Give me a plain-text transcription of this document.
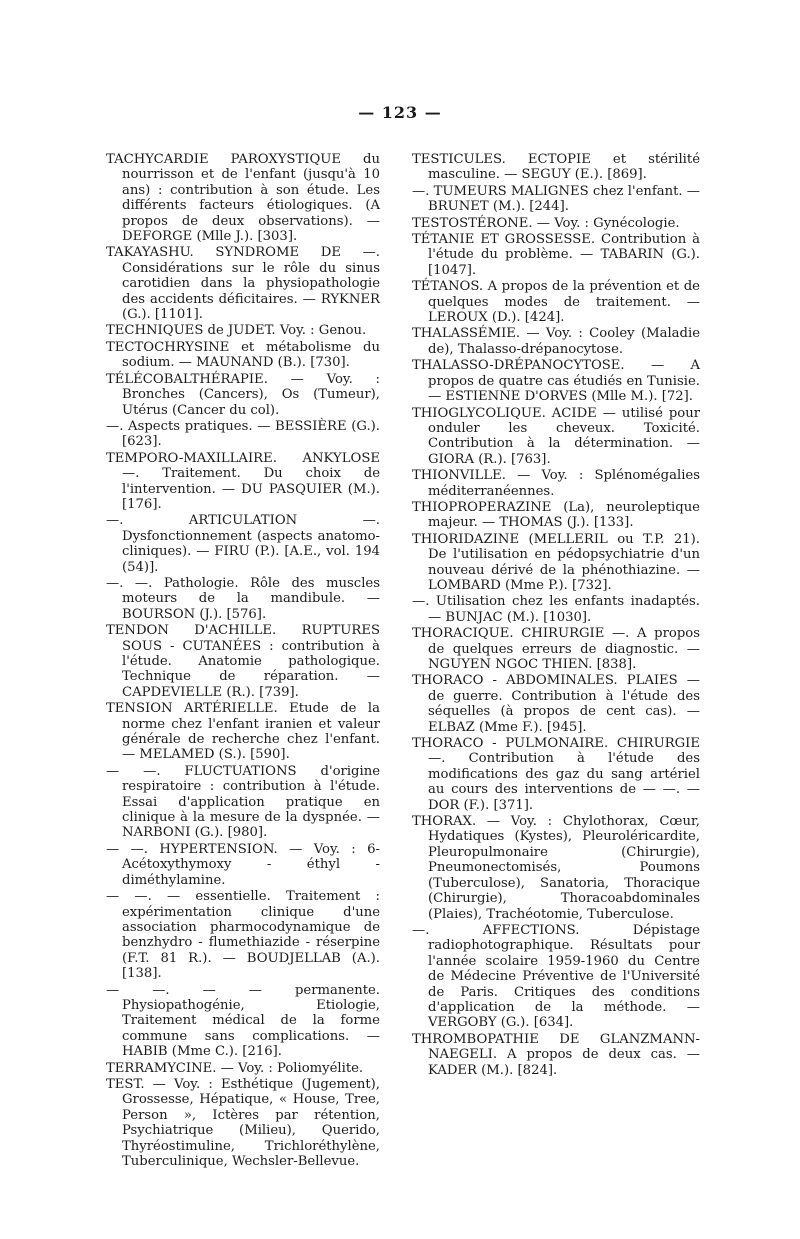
— 123 —

TACHYCARDIE PAROXYSTIQUE du nourrisson et de l'enfant (jusqu'à 10 ans) : contribution à son étude. Les différents facteurs étiologiques. (A propos de deux observations). — DEFORGE (Mlle J.). [303].

TAKAYASHU. SYNDROME DE —. Considérations sur le rôle du sinus carotidien dans la physiopathologie des accidents déficitaires. — RYKNER (G.). [1101].

TECHNIQUES de JUDET. Voy. : Genou.

TECTOCHRYSINE et métabolisme du sodium. — MAUNAND (B.). [730].

TÉLÉCOBALTHÉRAPIE. — Voy. : Bronches (Cancers), Os (Tumeur), Utérus (Cancer du col).

—. Aspects pratiques. — BESSIÈRE (G.). [623].

TEMPORO-MAXILLAIRE. ANKYLOSE —. Traitement. Du choix de l'intervention. — DU PASQUIER (M.). [176].

—. ARTICULATION —. Dysfonctionnement (aspects anatomo-cliniques). — FIRU (P.). [A.E., vol. 194 (54)].

—. —. Pathologie. Rôle des muscles moteurs de la mandibule. — BOURSON (J.). [576].

TENDON D'ACHILLE. RUPTURES SOUS - CUTANÉES : contribution à l'étude. Anatomie pathologique. Technique de réparation. — CAPDEVIELLE (R.). [739].

TENSION ARTÉRIELLE. Etude de la norme chez l'enfant iranien et valeur générale de recherche chez l'enfant. — MELAMED (S.). [590].

— —. FLUCTUATIONS d'origine respiratoire : contribution à l'étude. Essai d'application pratique en clinique à la mesure de la dyspnée. — NARBONI (G.). [980].

— —. HYPERTENSION. — Voy. : 6-Acétoxythymoxy - éthyl - diméthylamine.

— —. — essentielle. Traitement : expérimentation clinique d'une association pharmocodynamique de benzhydro - flumethiazide - réserpine (F.T. 81 R.). — BOUDJELLAB (A.). [138].

— —. — — permanente. Physiopathogénie, Etiologie, Traitement médical de la forme commune sans complications. — HABIB (Mme C.). [216].

TERRAMYCINE. — Voy. : Poliomyélite.

TEST. — Voy. : Esthétique (Jugement), Grossesse, Hépatique, « House, Tree, Person », Ictères par rétention, Psychiatrique (Milieu), Querido, Thyréostimuline, Trichloréthylène, Tuberculinique, Wechsler-Bellevue.

TESTICULES. ECTOPIE et stérilité masculine. — SEGUY (E.). [869].

—. TUMEURS MALIGNES chez l'enfant. — BRUNET (M.). [244].

TESTOSTÉRONE. — Voy. : Gynécologie.

TÉTANIE ET GROSSESSE. Contribution à l'étude du problème. — TABARIN (G.). [1047].

TÉTANOS. A propos de la prévention et de quelques modes de traitement. — LEROUX (D.). [424].

THALASSÉMIE. — Voy. : Cooley (Maladie de), Thalasso-drépanocytose.

THALASSO-DRÉPANOCYTOSE. — A propos de quatre cas étudiés en Tunisie. — ESTIENNE D'ORVES (Mlle M.). [72].

THIOGLYCOLIQUE. ACIDE — utilisé pour onduler les cheveux. Toxicité. Contribution à la détermination. — GIORA (R.). [763].

THIONVILLE. — Voy. : Splénomégalies méditerranéennes.

THIOPROPERAZINE (La), neuroleptique majeur. — THOMAS (J.). [133].

THIORIDAZINE (MELLERIL ou T.P. 21). De l'utilisation en pédopsychiatrie d'un nouveau dérivé de la phénothiazine. — LOMBARD (Mme P.). [732].

—. Utilisation chez les enfants inadaptés. — BUNJAC (M.). [1030].

THORACIQUE. CHIRURGIE —. A propos de quelques erreurs de diagnostic. — NGUYEN NGOC THIEN. [838].

THORACO - ABDOMINALES. PLAIES — de guerre. Contribution à l'étude des séquelles (à propos de cent cas). — ELBAZ (Mme F.). [945].

THORACO - PULMONAIRE. CHIRURGIE —. Contribution à l'étude des modifications des gaz du sang artériel au cours des interventions de — —. — DOR (F.). [371].

THORAX. — Voy. : Chylothorax, Cœur, Hydatiques (Kystes), Pleuroléricardite, Pleuropulmonaire (Chirurgie), Pneumonectomisés, Poumons (Tuberculose), Sanatoria, Thoracique (Chirurgie), Thoracoabdominales (Plaies), Trachéotomie, Tuberculose.

—. AFFECTIONS. Dépistage radiophotographique. Résultats pour l'année scolaire 1959-1960 du Centre de Médecine Préventive de l'Université de Paris. Critiques des conditions d'application de la méthode. — VERGOBY (G.). [634].

THROMBOPATHIE DE GLANZMANN-NAEGELI. A propos de deux cas. — KADER (M.). [824].
